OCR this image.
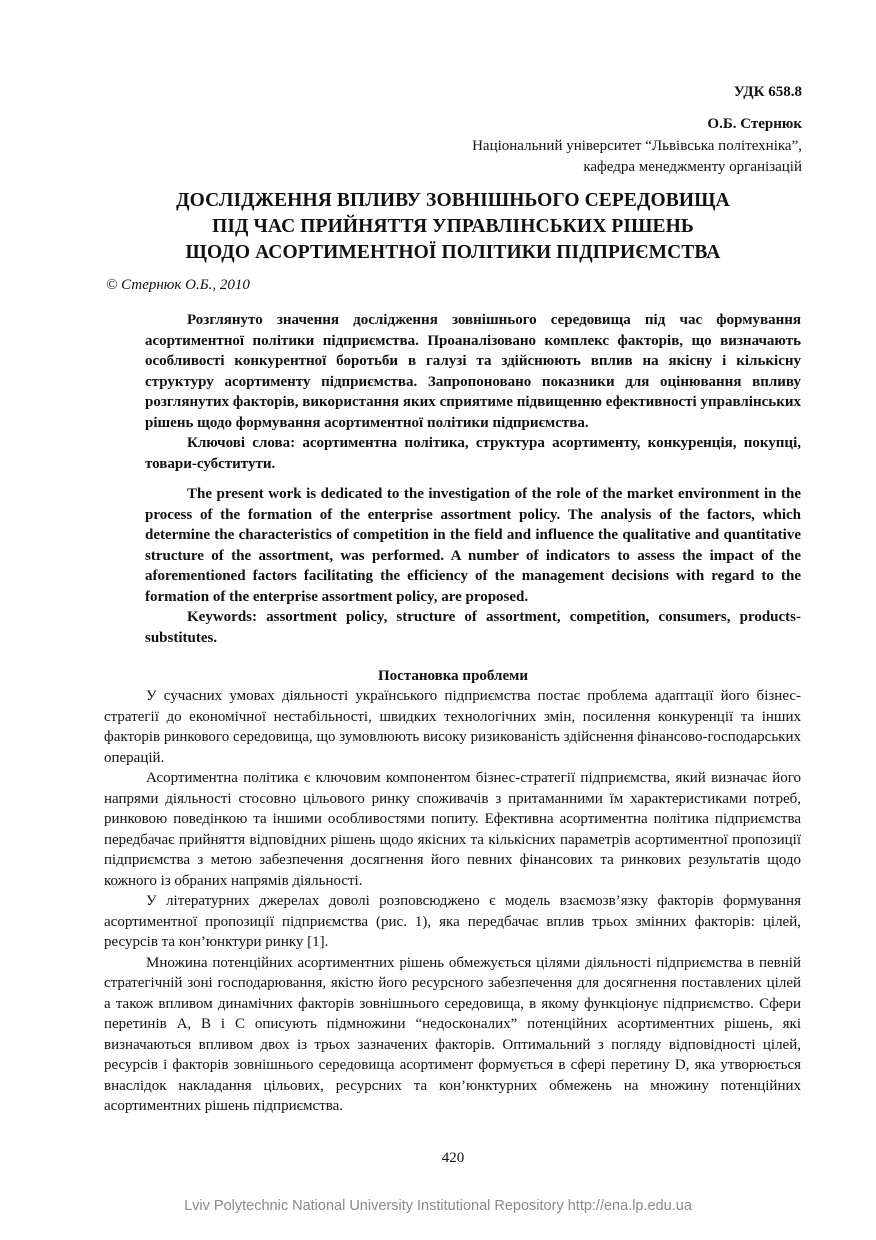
УДК 658.8
О.Б. Стернюк
Національний університет “Львівська політехніка”,
кафедра менеджменту організацій
ДОСЛІДЖЕННЯ ВПЛИВУ ЗОВНІШНЬОГО СЕРЕДОВИЩА
ПІД ЧАС ПРИЙНЯТТЯ УПРАВЛІНСЬКИХ РІШЕНЬ
ЩОДО АСОРТИМЕНТНОЇ ПОЛІТИКИ ПІДПРИЄМСТВА
© Стернюк О.Б., 2010
Розглянуто значення дослідження зовнішнього середовища під час формування асортиментної політики підприємства. Проаналізовано комплекс факторів, що визначають особливості конкурентної боротьби в галузі та здійснюють вплив на якісну і кількісну структуру асортименту підприємства. Запропоновано показники для оцінювання впливу розглянутих факторів, використання яких сприятиме підвищенню ефективності управлінських рішень щодо формування асортиментної політики підприємства.
Ключові слова: асортиментна політика, структура асортименту, конкуренція, покупці, товари-субститути.
The present work is dedicated to the investigation of the role of the market environment in the process of the formation of the enterprise assortment policy. The analysis of the factors, which determine the characteristics of competition in the field and influence the qualitative and quantitative structure of the assortment, was performed. A number of indicators to assess the impact of the aforementioned factors facilitating the efficiency of the management decisions with regard to the formation of the enterprise assortment policy, are proposed.
Keywords: assortment policy, structure of assortment, competition, consumers, products-substitutes.
Постановка проблеми

У сучасних умовах діяльності українського підприємства постає проблема адаптації його бізнес-стратегії до економічної нестабільності, швидких технологічних змін, посилення конкуренції та інших факторів ринкового середовища, що зумовлюють високу ризикованість здійснення фінансово-господарських операцій.

Асортиментна політика є ключовим компонентом бізнес-стратегії підприємства, який визначає його напрями діяльності стосовно цільового ринку споживачів з притаманними їм характеристиками потреб, ринковою поведінкою та іншими особливостями попиту. Ефективна асортиментна політика підприємства передбачає прийняття відповідних рішень щодо якісних та кількісних параметрів асортиментної пропозиції підприємства з метою забезпечення досягнення його певних фінансових та ринкових результатів щодо кожного із обраних напрямів діяльності.

У літературних джерелах доволі розповсюджено є модель взаємозв’язку факторів формування асортиментної пропозиції підприємства (рис. 1), яка передбачає вплив трьох змінних факторів: цілей, ресурсів та кон’юнктури ринку [1].

Множина потенційних асортиментних рішень обмежується цілями діяльності підприємства в певній стратегічній зоні господарювання, якістю його ресурсного забезпечення для досягнення поставлених цілей а також впливом динамічних факторів зовнішнього середовища, в якому функціонує підприємство. Сфери перетинів A, B і C описують підмножини “недосконалих” потенційних асортиментних рішень, які визначаються впливом двох із трьох зазначених факторів. Оптимальний з погляду відповідності цілей, ресурсів і факторів зовнішнього середовища асортимент формується в сфері перетину D, яка утворюється внаслідок накладання цільових, ресурсних та кон’юнктурних обмежень на множину потенційних асортиментних рішень підприємства.

420
Lviv Polytechnic National University Institutional Repository http://ena.lp.edu.ua
